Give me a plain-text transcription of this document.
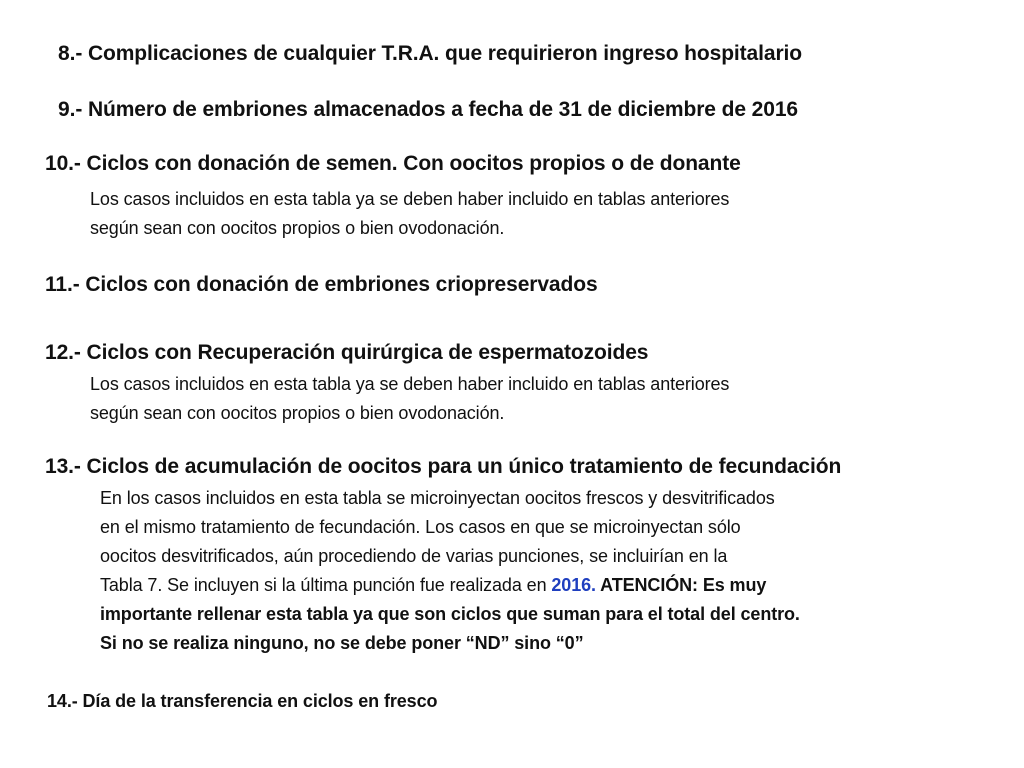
8.- Complicaciones de cualquier T.R.A. que requirieron ingreso hospitalario
9.- Número de embriones almacenados a fecha de 31 de diciembre de 2016
10.- Ciclos con donación de semen. Con oocitos propios o de donante
Los casos incluidos en esta tabla ya se deben haber incluido en tablas anteriores
según sean con oocitos propios o bien ovodonación.
11.- Ciclos con donación de embriones criopreservados
12.- Ciclos con Recuperación quirúrgica de espermatozoides
Los casos incluidos en esta tabla ya se deben haber incluido en tablas anteriores
según sean con oocitos propios o bien ovodonación.
13.- Ciclos de acumulación de oocitos para un único tratamiento de fecundación
En los casos incluidos en esta tabla se microinyectan oocitos frescos y desvitrificados
en el mismo tratamiento de fecundación. Los casos en que se microinyectan sólo
oocitos desvitrificados, aún procediendo de varias punciones, se incluirían en la
Tabla 7. Se incluyen si la última punción fue realizada en 2016. ATENCIÓN: Es muy
importante rellenar esta tabla ya que son ciclos que suman para el total del centro.
Si no se realiza ninguno, no se debe poner “ND” sino “0”
14.- Día de la transferencia en ciclos en fresco
